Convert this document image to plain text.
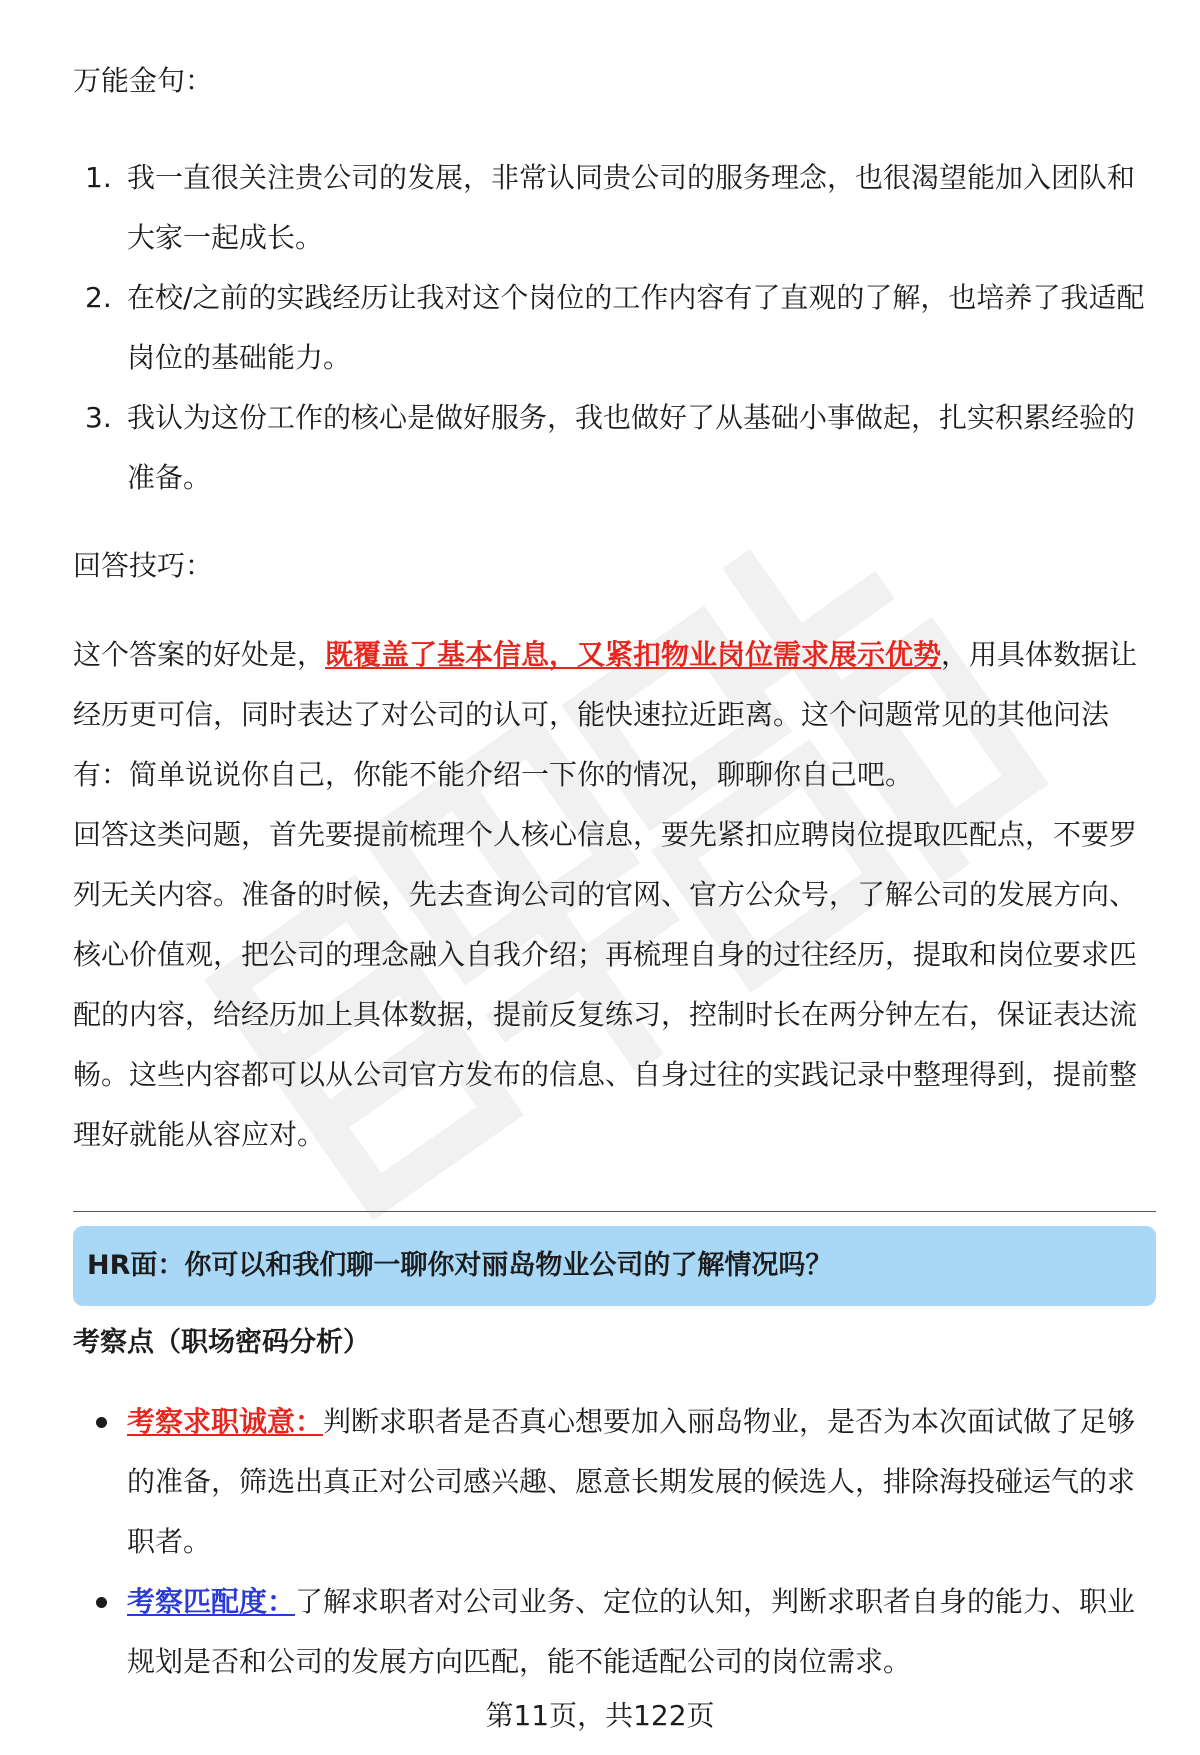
万能金句：
1. 我一直很关注贵公司的发展，非常认同贵公司的服务理念，也很渴望能加入团队和大家一起成长。
2. 在校/之前的实践经历让我对这个岗位的工作内容有了直观的了解，也培养了我适配岗位的基础能力。
3. 我认为这份工作的核心是做好服务，我也做好了从基础小事做起，扎实积累经验的准备。
回答技巧：
这个答案的好处是，既覆盖了基本信息，又紧扣物业岗位需求展示优势，用具体数据让经历更可信，同时表达了对公司的认可，能快速拉近距离。这个问题常见的其他问法有：简单说说你自己，你能不能介绍一下你的情况，聊聊你自己吧。
回答这类问题，首先要提前梳理个人核心信息，要先紧扣应聘岗位提取匹配点，不要罗列无关内容。准备的时候，先去查询公司的官网、官方公众号，了解公司的发展方向、核心价值观，把公司的理念融入自我介绍；再梳理自身的过往经历，提取和岗位要求匹配的内容，给经历加上具体数据，提前反复练习，控制时长在两分钟左右，保证表达流畅。这些内容都可以从公司官方发布的信息、自身过往的实践记录中整理得到，提前整理好就能从容应对。
HR面：你可以和我们聊一聊你对丽岛物业公司的了解情况吗？
考察点（职场密码分析）
考察求职诚意：判断求职者是否真心想要加入丽岛物业，是否为本次面试做了足够的准备，筛选出真正对公司感兴趣、愿意长期发展的候选人，排除海投碰运气的求职者。
考察匹配度：了解求职者对公司业务、定位的认知，判断求职者自身的能力、职业规划是否和公司的发展方向匹配，能不能适配公司的岗位需求。
第11页，共122页
